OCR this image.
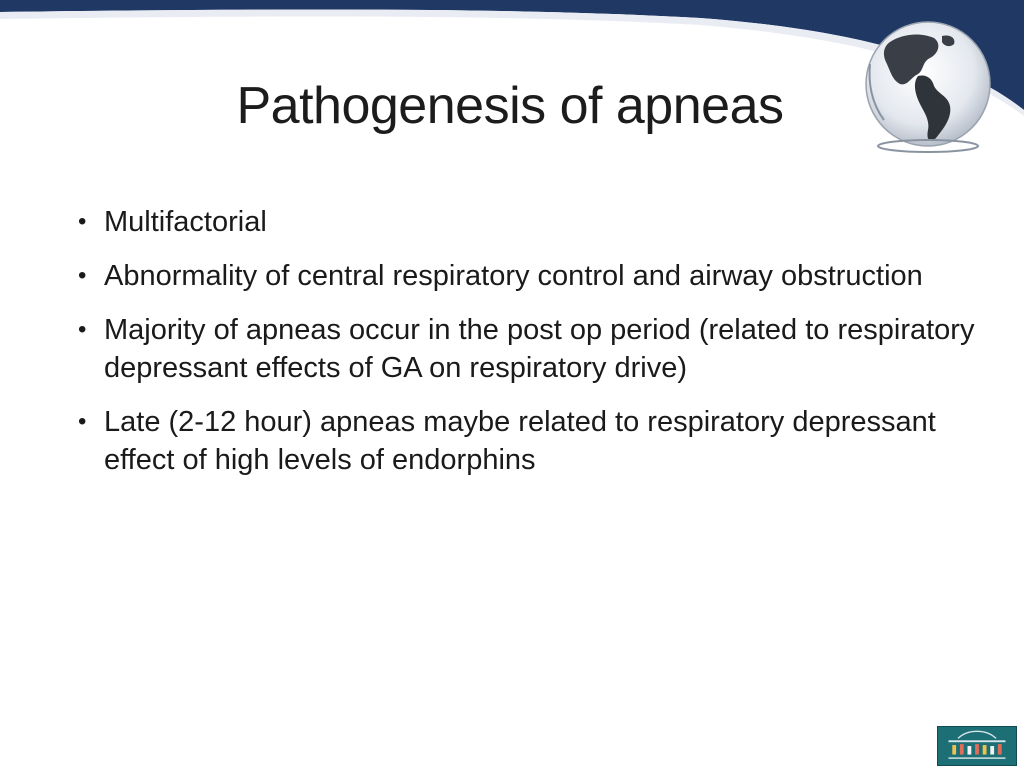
Pathogenesis of apneas
• Multifactorial
• Abnormality of central respiratory control and airway obstruction
• Majority of apneas occur in the post op period (related to respiratory depressant effects of GA on respiratory drive)
• Late (2-12 hour) apneas maybe related to respiratory depressant effect of high levels of endorphins
